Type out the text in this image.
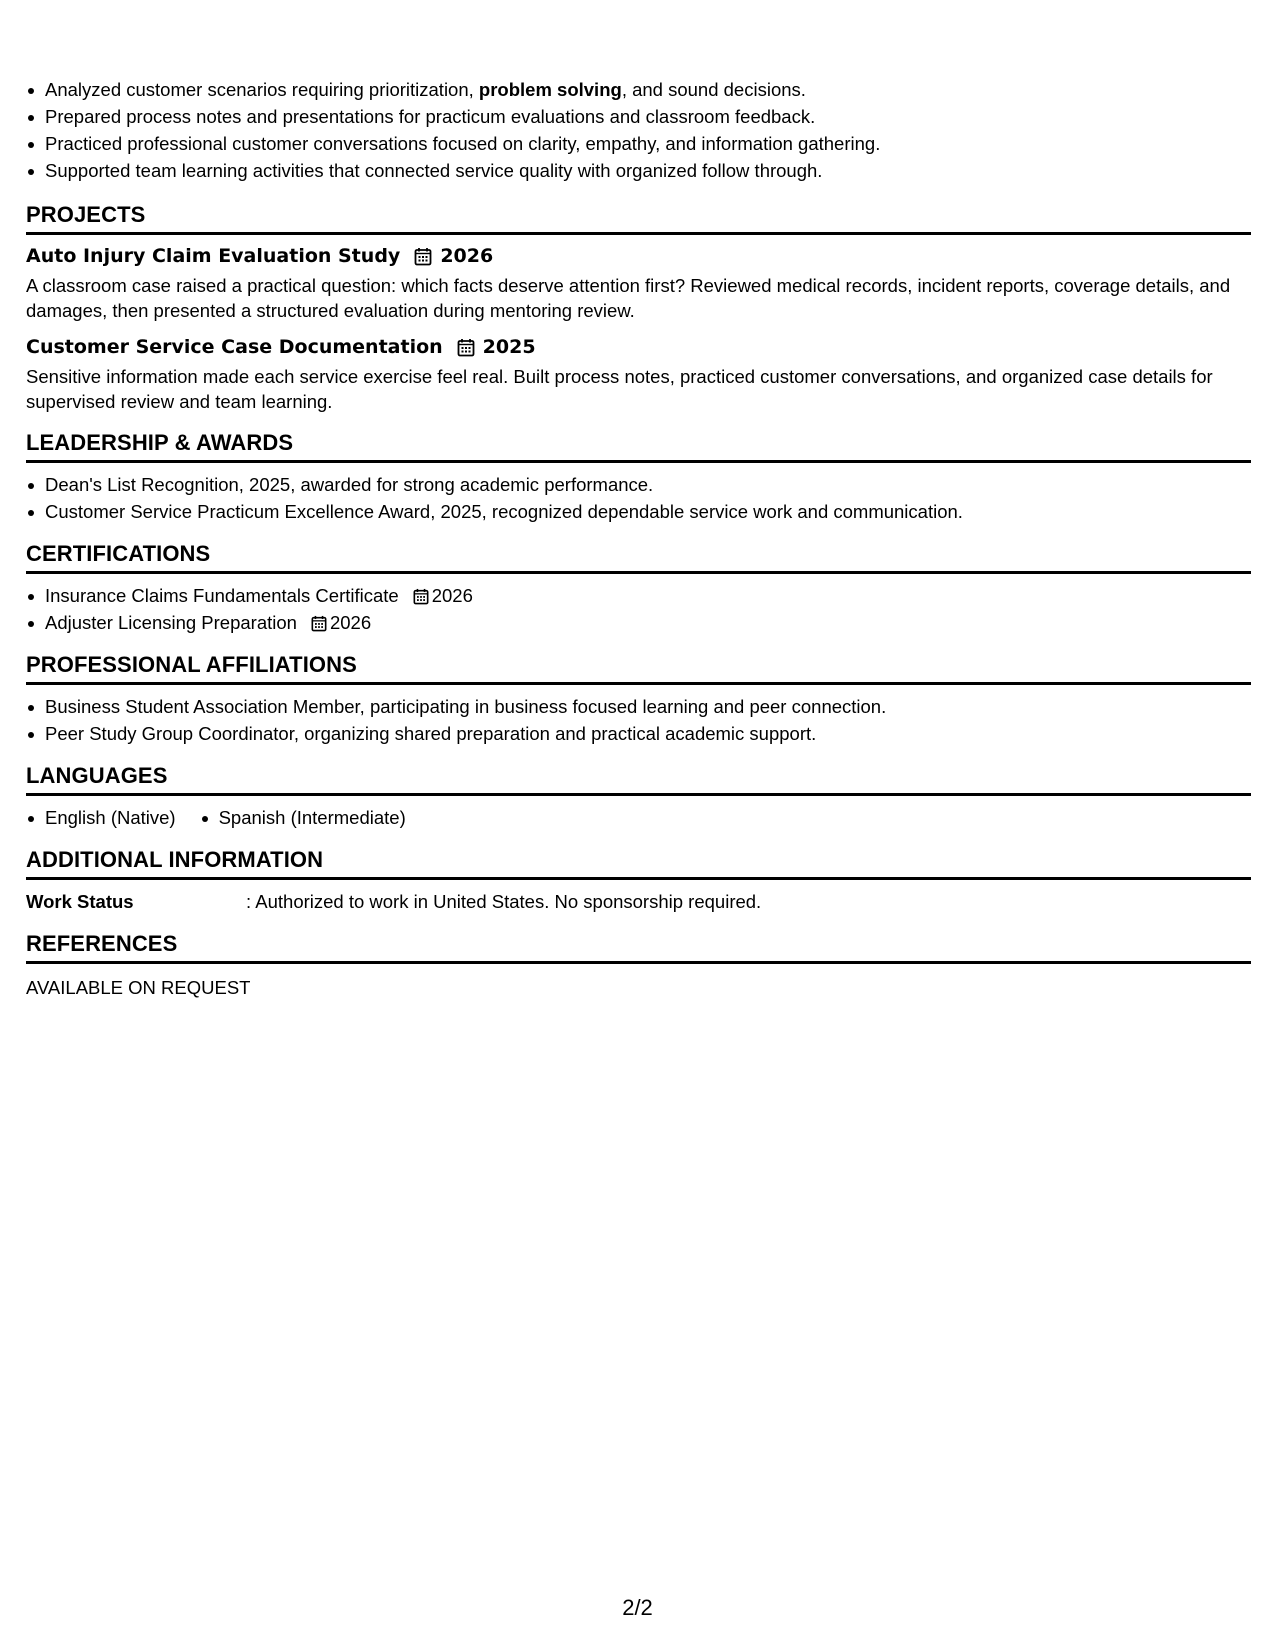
Analyzed customer scenarios requiring prioritization, problem solving, and sound decisions.
Prepared process notes and presentations for practicum evaluations and classroom feedback.
Practiced professional customer conversations focused on clarity, empathy, and information gathering.
Supported team learning activities that connected service quality with organized follow through.
PROJECTS
Auto Injury Claim Evaluation Study 2026
A classroom case raised a practical question: which facts deserve attention first? Reviewed medical records, incident reports, coverage details, and damages, then presented a structured evaluation during mentoring review.
Customer Service Case Documentation 2025
Sensitive information made each service exercise feel real. Built process notes, practiced customer conversations, and organized case details for supervised review and team learning.
LEADERSHIP & AWARDS
Dean's List Recognition, 2025, awarded for strong academic performance.
Customer Service Practicum Excellence Award, 2025, recognized dependable service work and communication.
CERTIFICATIONS
Insurance Claims Fundamentals Certificate 2026
Adjuster Licensing Preparation 2026
PROFESSIONAL AFFILIATIONS
Business Student Association Member, participating in business focused learning and peer connection.
Peer Study Group Coordinator, organizing shared preparation and practical academic support.
LANGUAGES
English (Native)	Spanish (Intermediate)
ADDITIONAL INFORMATION
Work Status	: Authorized to work in United States. No sponsorship required.
REFERENCES
AVAILABLE ON REQUEST
2/2
